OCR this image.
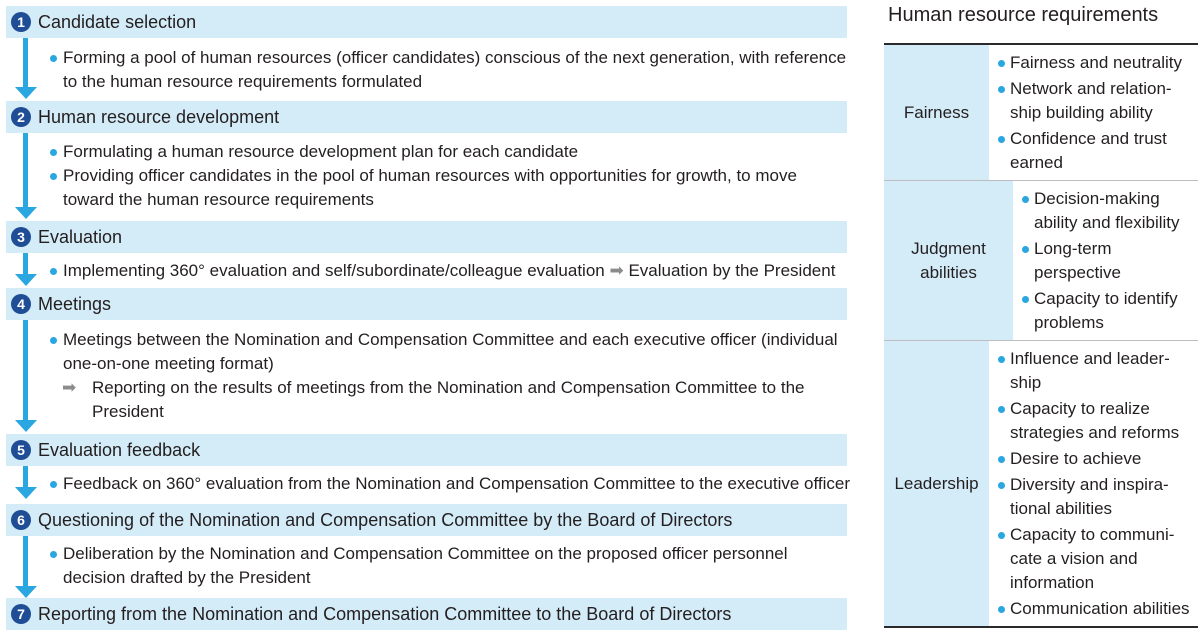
1 Candidate selection
Forming a pool of human resources (officer candidates) conscious of the next generation, with reference to the human resource requirements formulated
2 Human resource development
Formulating a human resource development plan for each candidate
Providing officer candidates in the pool of human resources with opportunities for growth, to move toward the human resource requirements
3 Evaluation
Implementing 360° evaluation and self/subordinate/colleague evaluation ➡ Evaluation by the President
4 Meetings
Meetings between the Nomination and Compensation Committee and each executive officer (individual one-on-one meeting format)
➡ Reporting on the results of meetings from the Nomination and Compensation Committee to the President
5 Evaluation feedback
Feedback on 360° evaluation from the Nomination and Compensation Committee to the executive officer
6 Questioning of the Nomination and Compensation Committee by the Board of Directors
Deliberation by the Nomination and Compensation Committee on the proposed officer personnel decision drafted by the President
7 Reporting from the Nomination and Compensation Committee to the Board of Directors
Human resource requirements
Fairness
Fairness and neutrality
Network and relation-ship building ability
Confidence and trust earned
Judgment abilities
Decision-making ability and flexibility
Long-term perspective
Capacity to identify problems
Leadership
Influence and leader-ship
Capacity to realize strategies and reforms
Desire to achieve
Diversity and inspira-tional abilities
Capacity to communi-cate a vision and information
Communication abilities
